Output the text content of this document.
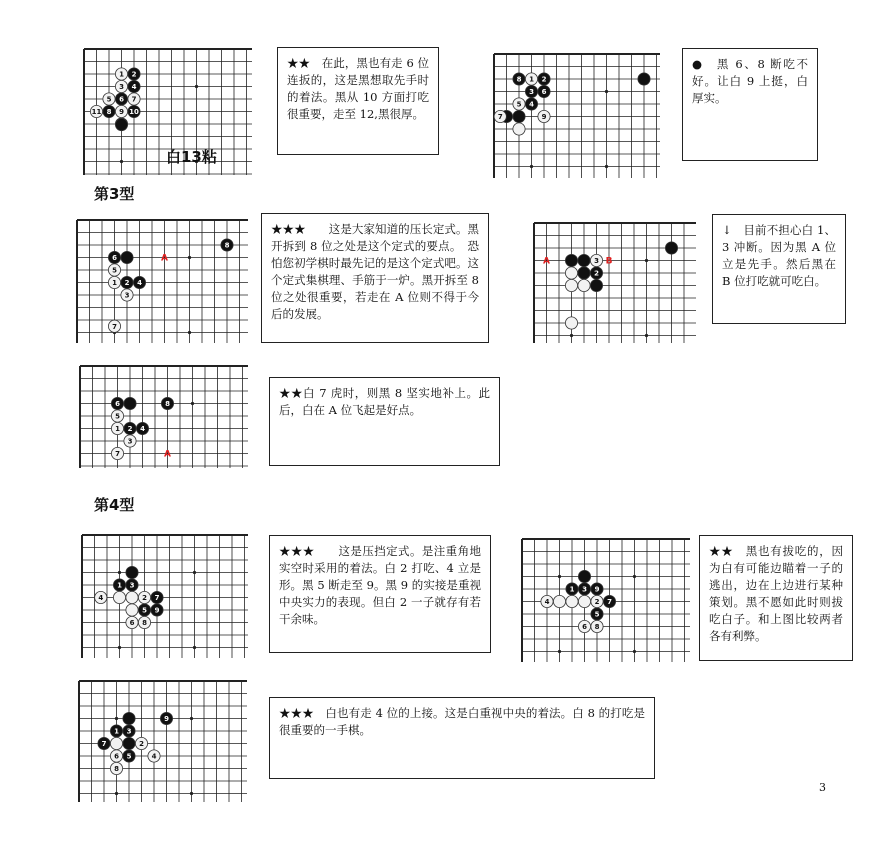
第3型
第4型
1 2
3 4
5 6 7
8 9 10
11
白13粘
8 1 2
3 6
5 4
9
7
6
5
1 2 4
3
7
8
A	3
2
A	B
6	8
5
1 2 4
3
7	A
1 3
4	2 7
5 9
6 8
1 3 9
4	2 7
5
6 8
9
1 3
7	2
6 5	4
8
★★　在此，黑也有走 6 位连扳的，这是黑想取先手时的着法。黑从 10 方面打吃很重要，走至 12,黑很厚。
●　黑 6、8 断吃不好。让白 9 上挺，白厚实。
★★★　　这是大家知道的压长定式。黑开拆到 8 位之处是这个定式的要点。　恐怕您初学棋时最先记的是这个定式吧。这个定式集棋理、手筋于一炉。黑开拆至 8 位之处很重要，若走在 A 位则不得于今后的发展。
↓　目前不担心白 1、3 冲断。因为黑 A 位立是先手。然后黑在 B 位打吃就可吃白。
★★白 7 虎时，则黑 8 坚实地补上。此后，白在 A 位飞起是好点。
★★★　　这是压挡定式。是注重角地实空时采用的着法。白 2 打吃、4 立是形。黑 5 断走至 9。黑 9 的实接是重视中央实力的表现。但白 2 一子就存有若干余味。
★★　黑也有拔吃的，因为白有可能边瞄着一子的逃出，边在上边进行某种策划。黑不愿如此时则拔吃白子。和上图比较两者各有利弊。
★★★　白也有走 4 位的上接。这是白重视中央的着法。白 8 的打吃是很重要的一手棋。
3
